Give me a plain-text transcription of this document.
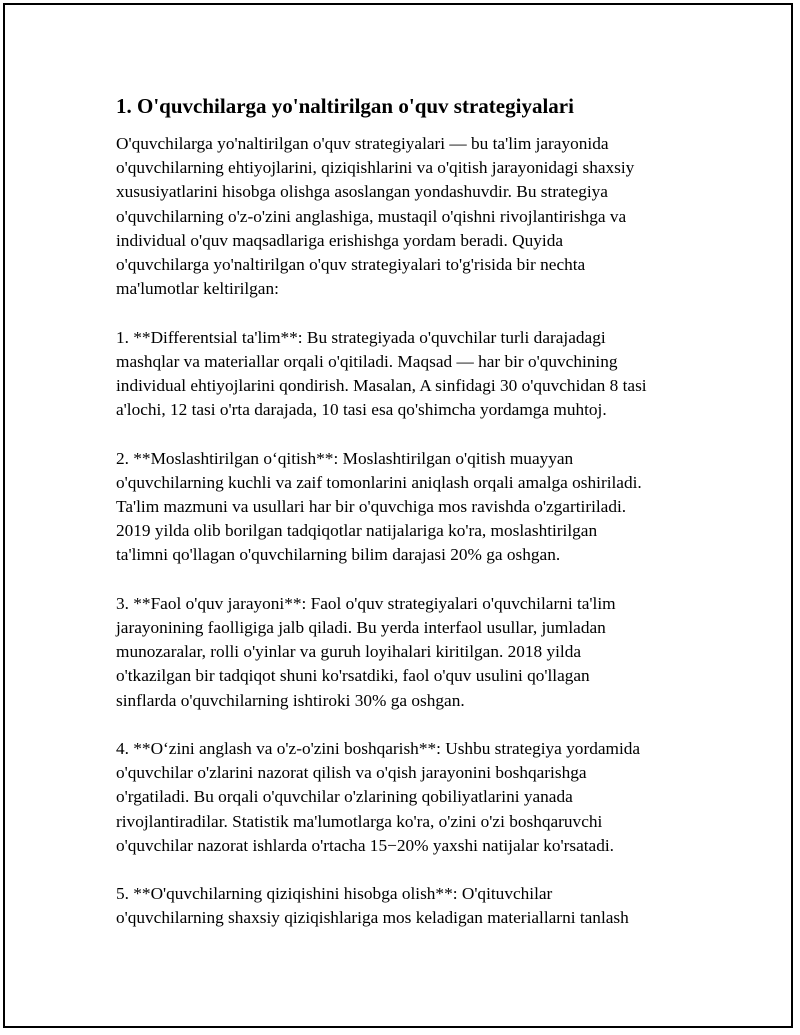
1. O'quvchilarga yo'naltirilgan o'quv strategiyalari
O'quvchilarga yo'naltirilgan o'quv strategiyalari — bu ta'lim jarayonida
o'quvchilarning ehtiyojlarini, qiziqishlarini va o'qitish jarayonidagi shaxsiy
xususiyatlarini hisobga olishga asoslangan yondashuvdir. Bu strategiya
o'quvchilarning o'z-o'zini anglashiga, mustaqil o'qishni rivojlantirishga va
individual o'quv maqsadlariga erishishga yordam beradi. Quyida
o'quvchilarga yo'naltirilgan o'quv strategiyalari to'g'risida bir nechta
ma'lumotlar keltirilgan:
1. **Differentsial ta'lim**: Bu strategiyada o'quvchilar turli darajadagi
mashqlar va materiallar orqali o'qitiladi. Maqsad — har bir o'quvchining
individual ehtiyojlarini qondirish. Masalan, A sinfidagi 30 o'quvchidan 8 tasi
a'lochi, 12 tasi o'rta darajada, 10 tasi esa qo'shimcha yordamga muhtoj.
2. **Moslashtirilgan o‘qitish**: Moslashtirilgan o'qitish muayyan
o'quvchilarning kuchli va zaif tomonlarini aniqlash orqali amalga oshiriladi.
Ta'lim mazmuni va usullari har bir o'quvchiga mos ravishda o'zgartiriladi.
2019 yilda olib borilgan tadqiqotlar natijalariga ko'ra, moslashtirilgan
ta'limni qo'llagan o'quvchilarning bilim darajasi 20% ga oshgan.
3. **Faol o'quv jarayoni**: Faol o'quv strategiyalari o'quvchilarni ta'lim
jarayonining faolligiga jalb qiladi. Bu yerda interfaol usullar, jumladan
munozaralar, rolli o'yinlar va guruh loyihalari kiritilgan. 2018 yilda
o'tkazilgan bir tadqiqot shuni ko'rsatdiki, faol o'quv usulini qo'llagan
sinflarda o'quvchilarning ishtiroki 30% ga oshgan.
4. **O‘zini anglash va o'z-o'zini boshqarish**: Ushbu strategiya yordamida
o'quvchilar o'zlarini nazorat qilish va o'qish jarayonini boshqarishga
o'rgatiladi. Bu orqali o'quvchilar o'zlarining qobiliyatlarini yanada
rivojlantiradilar. Statistik ma'lumotlarga ko'ra, o'zini o'zi boshqaruvchi
o'quvchilar nazorat ishlarda o'rtacha 15−20% yaxshi natijalar ko'rsatadi.
5. **O'quvchilarning qiziqishini hisobga olish**: O'qituvchilar
o'quvchilarning shaxsiy qiziqishlariga mos keladigan materiallarni tanlash
